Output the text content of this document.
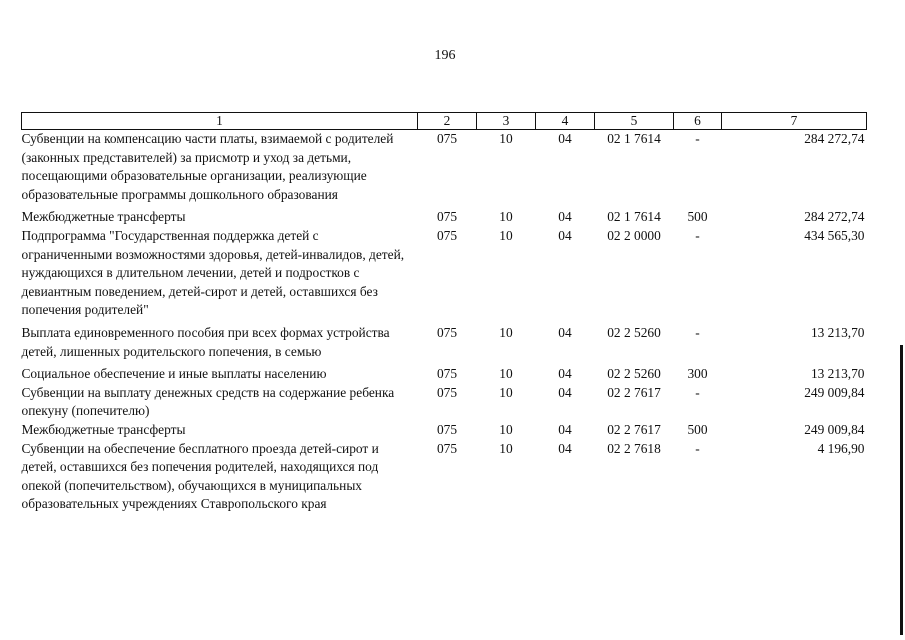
196
1	2	3	4	5	6	7
Субвенции на компенсацию части платы, взимаемой с родителей (законных представителей) за присмотр и уход за детьми, посещающими образовательные организации, реализующие образовательные программы дошкольного образования	075	10	04	02 1 7614	-	284 272,74
Межбюджетные трансферты	075	10	04	02 1 7614	500	284 272,74
Подпрограмма "Государственная поддержка детей с ограниченными возможностями здоровья, детей-инвалидов, детей, нуждающихся в длительном лечении, детей и подростков с девиантным поведением, детей-сирот и детей, оставшихся без попечения родителей"	075	10	04	02 2 0000	-	434 565,30
Выплата единовременного пособия при всех формах устройства детей, лишенных родительского попечения, в семью	075	10	04	02 2 5260	-	13 213,70
Социальное обеспечение и иные выплаты населению	075	10	04	02 2 5260	300	13 213,70
Субвенции на выплату денежных средств на содержание ребенка опекуну (попечителю)	075	10	04	02 2 7617	-	249 009,84
Межбюджетные трансферты	075	10	04	02 2 7617	500	249 009,84
Субвенции на обеспечение бесплатного проезда детей-сирот и детей, оставшихся без попечения родителей, находящихся под опекой (попечительством), обучающихся в муниципальных образовательных учреждениях Ставропольского края	075	10	04	02 2 7618	-	4 196,90
